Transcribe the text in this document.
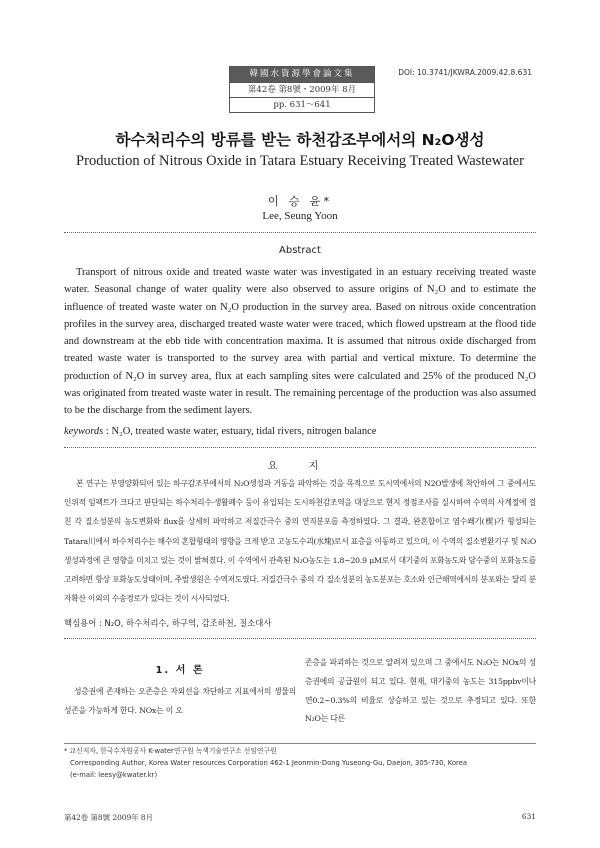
韓國水資源學會論文集
第42卷 第8號・2009年 8月
pp. 631～641
DOI: 10.3741/JKWRA.2009.42.8.631
하수처리수의 방류를 받는 하천감조부에서의 N₂O생성
Production of Nitrous Oxide in Tatara Estuary Receiving Treated Wastewater
이 승 윤*
Lee, Seung Yoon
Abstract

Transport of nitrous oxide and treated waste water was investigated in an estuary receiving treated waste water. Seasonal change of water quality were also observed to assure origins of N₂O and to estimate the influence of treated waste water on N₂O production in the survey area. Based on nitrous oxide concentration profiles in the survey area, discharged treated waste water were traced, which flowed upstream at the flood tide and downstream at the ebb tide with concentration maxima. It is assumed that nitrous oxide discharged from treated waste water is transported to the survey area with partial and vertical mixture. To determine the production of N₂O in survey area, flux at each sampling sites were calculated and 25% of the produced N₂O was originated from treated waste water in result. The remaining percentage of the production was also assumed to be the discharge from the sediment layers.

keywords : N₂O, treated waste water, estuary, tidal rivers, nitrogen balance
요 지

본 연구는 부영양화되어 있는 하구감조부에서의 N₂O생성과 거동을 파악하는 것을 목적으로 도시역에서의 N2O발생에 착안하여 그 중에서도 인위적 임팩트가 크다고 판단되는 하수처리수·생활폐수 등이 유입되는 도시하천감조역을 대상으로 현지 정점조사를 실시하여 수역의 사계절에 걸친 각 질소성분의 농도변화와 flux를 상세히 파악하고 저질간극수 중의 연직분포를 측정하였다. 그 결과, 완흔합이고 염수쐐기(楔)가 형성되는 Tatara川에서 하수처리수는 해수의 혼합형태의 영향을 크게 받고 고농도수괴(水塊)로서 표층을 이동하고 있으며, 이 수역의 질소변환기구 및 N₂O생성과정에 큰 영향을 미치고 있는 것이 밝혀졌다. 이 수역에서 관측된 N₂O농도는 1.8~20.9 μM로서 대기중의 포화농도와 담수중의 포화농도를 고려하면 항상 포화농도상태이며, 주발생원은 수역저도였다. 저질간극수 중의 각 질소성분의 농도분포는 호소와 인근해역에서의 분포와는 달리 분자확산 이외의 수송경로가 있다는 것이 시사되었다.

핵심용어 : N₂O, 하수처리수, 하구역, 감조하천, 질소대사
1. 서 론

성층권에 존재하는 오존층은 자외선을 차단하고 지표에서의 생물의 성존을 가능하게 한다. NOx는 이 오

존층을 파괴하는 것으로 알려져 있으며 그 중에서도 N₂O는 NOx의 성층권에의 공급원이 되고 있다. 현재, 대기중의 농도는 315ppbv이나 연0.2~0.3%의 비율로 상승하고 있는 것으로 추정되고 있다. 또한 N₂O는 다른

* 교신저자, 한국수자원공사 K-water연구원 녹색기술연구소 선임연구원
Corresponding Author, Korea Water resources Corporation 462-1 Jeonmin-Dong Yuseong-Gu, Daejon, 305-730, Korea
(e-mail: leesy@kwater.kr)
第42卷 第8號 2009年 8月	631
